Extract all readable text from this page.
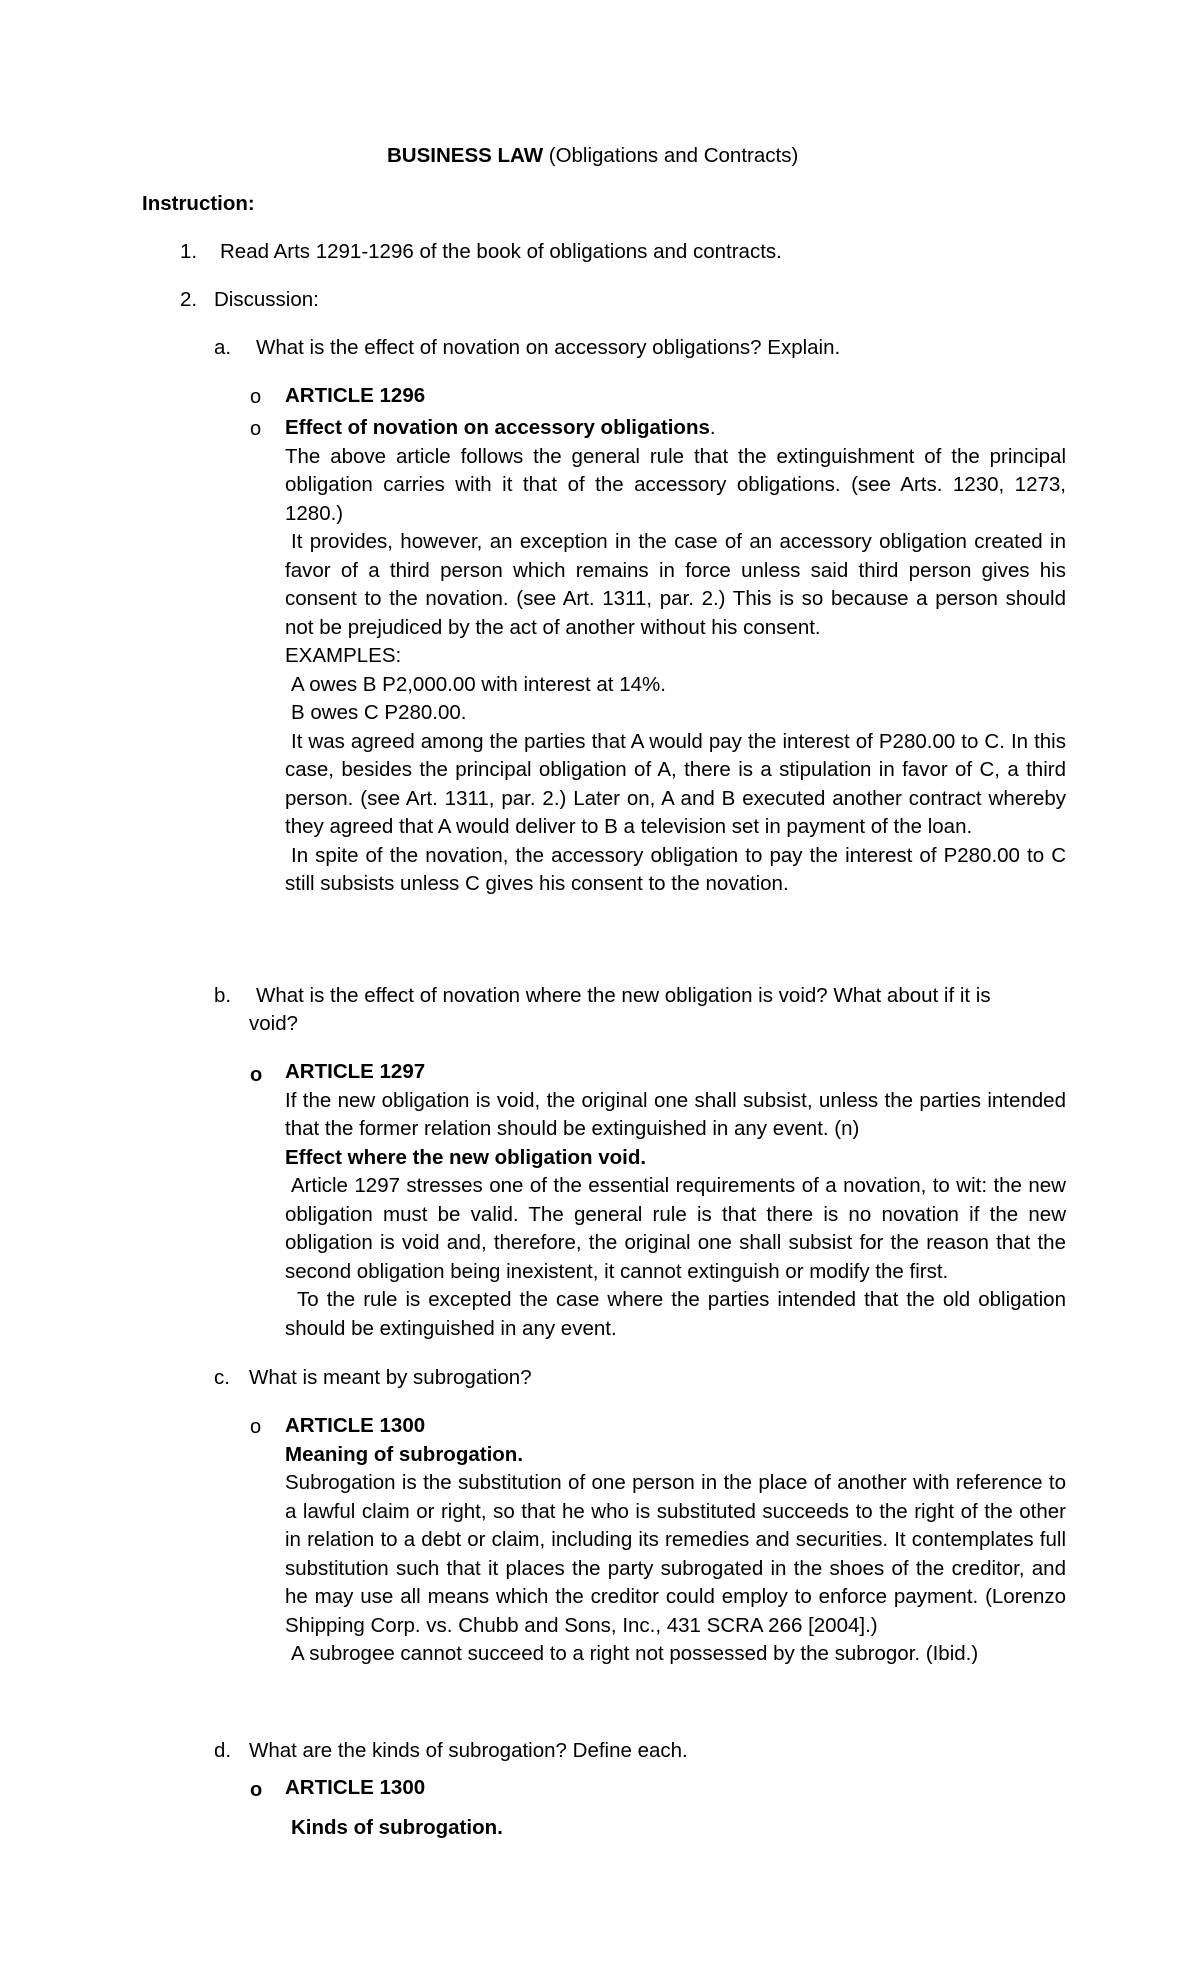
BUSINESS LAW (Obligations and Contracts)
Instruction:
1. Read Arts 1291-1296 of the book of obligations and contracts.
2. Discussion:
a. What is the effect of novation on accessory obligations? Explain.
o ARTICLE 1296
o Effect of novation on accessory obligations.

The above article follows the general rule that the extinguishment of the principal obligation carries with it that of the accessory obligations. (see Arts. 1230, 1273, 1280.)

It provides, however, an exception in the case of an accessory obligation created in favor of a third person which remains in force unless said third person gives his consent to the novation. (see Art. 1311, par. 2.) This is so because a person should not be prejudiced by the act of another without his consent.

EXAMPLES:

A owes B P2,000.00 with interest at 14%.

B owes C P280.00.

It was agreed among the parties that A would pay the interest of P280.00 to C. In this case, besides the principal obligation of A, there is a stipulation in favor of C, a third person. (see Art. 1311, par. 2.) Later on, A and B executed another contract whereby they agreed that A would deliver to B a television set in payment of the loan.

In spite of the novation, the accessory obligation to pay the interest of P280.00 to C still subsists unless C gives his consent to the novation.

b. What is the effect of novation where the new obligation is void? What about if it is
void?
o ARTICLE 1297

If the new obligation is void, the original one shall subsist, unless the parties intended that the former relation should be extinguished in any event. (n)

Effect where the new obligation void.

Article 1297 stresses one of the essential requirements of a novation, to wit: the new obligation must be valid. The general rule is that there is no novation if the new obligation is void and, therefore, the original one shall subsist for the reason that the second obligation being inexistent, it cannot extinguish or modify the first.

To the rule is excepted the case where the parties intended that the old obligation should be extinguished in any event.

c. What is meant by subrogation?
o ARTICLE 1300

Meaning of subrogation.

Subrogation is the substitution of one person in the place of another with reference to a lawful claim or right, so that he who is substituted succeeds to the right of the other in relation to a debt or claim, including its remedies and securities. It contemplates full substitution such that it places the party subrogated in the shoes of the creditor, and he may use all means which the creditor could employ to enforce payment. (Lorenzo Shipping Corp. vs. Chubb and Sons, Inc., 431 SCRA 266 [2004].)

A subrogee cannot succeed to a right not possessed by the subrogor. (Ibid.)

d. What are the kinds of subrogation? Define each.
o ARTICLE 1300
Kinds of subrogation.
